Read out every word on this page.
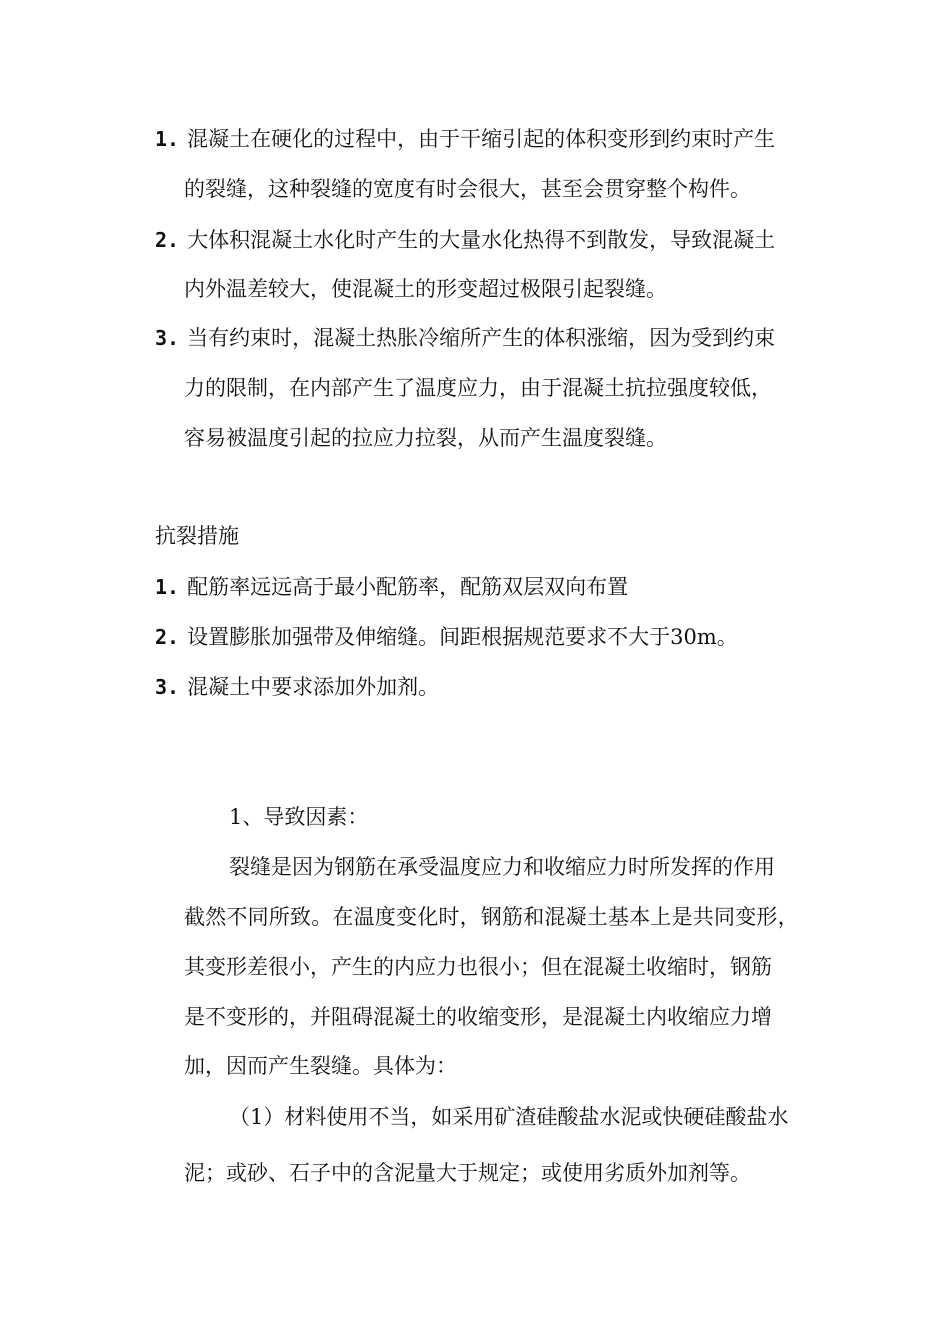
1. 混凝土在硬化的过程中，由于干缩引起的体积变形到约束时产生
的裂缝，这种裂缝的宽度有时会很大，甚至会贯穿整个构件。
2. 大体积混凝土水化时产生的大量水化热得不到散发，导致混凝土
内外温差较大，使混凝土的形变超过极限引起裂缝。
3. 当有约束时，混凝土热胀冷缩所产生的体积涨缩，因为受到约束
力的限制，在内部产生了温度应力，由于混凝土抗拉强度较低，
容易被温度引起的拉应力拉裂，从而产生温度裂缝。
抗裂措施
1. 配筋率远远高于最小配筋率，配筋双层双向布置
2. 设置膨胀加强带及伸缩缝。间距根据规范要求不大于30m。
3. 混凝土中要求添加外加剂。
1、导致因素：
裂缝是因为钢筋在承受温度应力和收缩应力时所发挥的作用
截然不同所致。在温度变化时，钢筋和混凝土基本上是共同变形，
其变形差很小，产生的内应力也很小；但在混凝土收缩时，钢筋
是不变形的，并阻碍混凝土的收缩变形，是混凝土内收缩应力增
加，因而产生裂缝。具体为：
（1）材料使用不当，如采用矿渣硅酸盐水泥或快硬硅酸盐水
泥；或砂、石子中的含泥量大于规定；或使用劣质外加剂等。
